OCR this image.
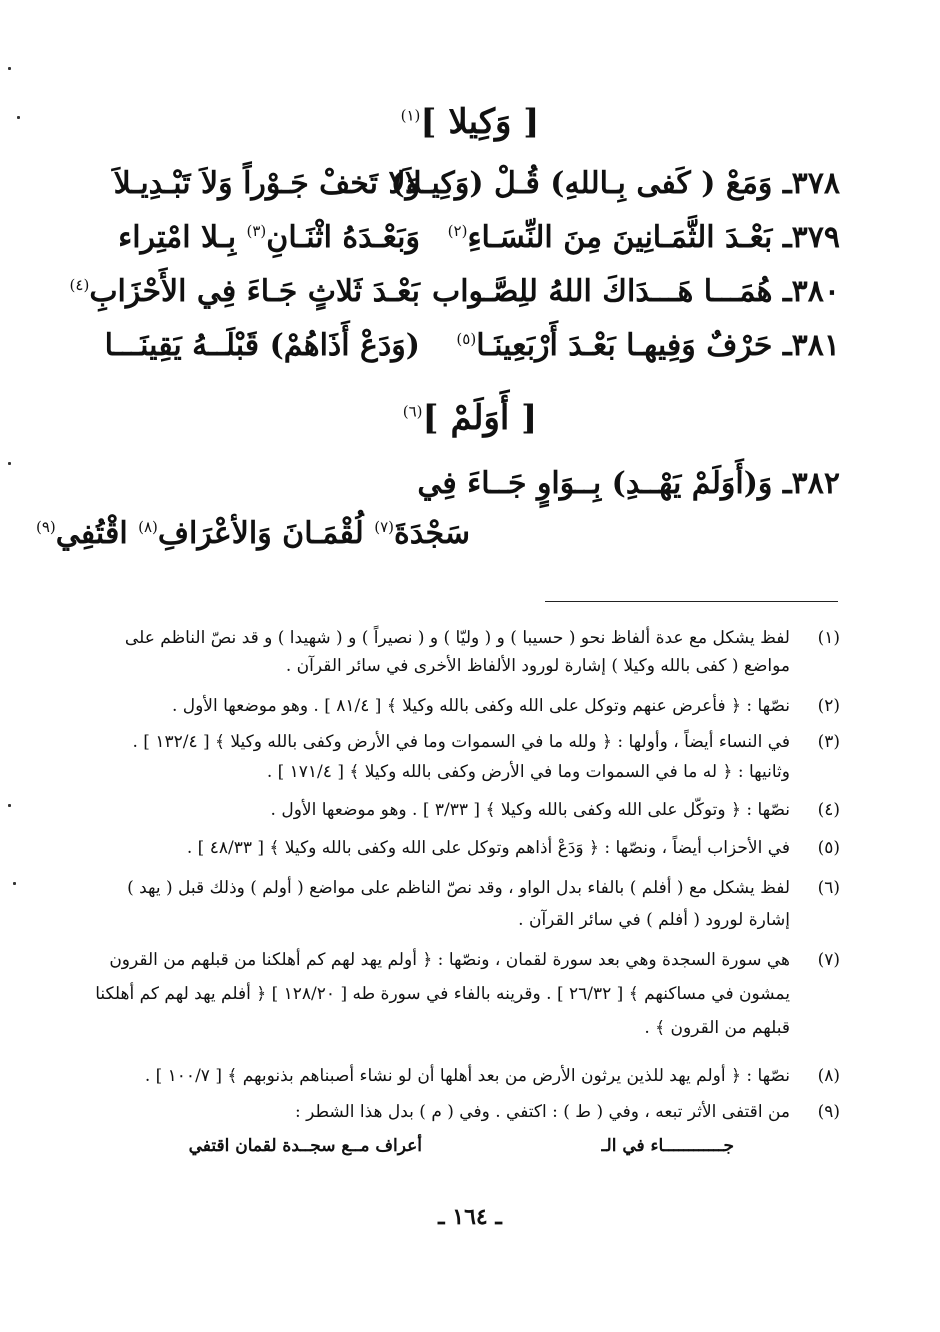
[ وَكِيلا ]$^{(١)}$
٣٧٨ـ وَمَعْ ( كَفى بِـاللهِ) قُـلْ (وَكِيـلاَ)
وَلا تَخفْ جَـوْراً وَلاَ تَبْـدِيـلاَ
٣٧٩ـ بَعْـدَ الثَّمَـانِينَ مِنَ النِّسَـاءِ$^{(٢)}$
وَبَعْـدَهُ اثْنَـانِ$^{(٣)}$ بِـلا امْتِراء
٣٨٠ـ هُمَـــا هَـــدَاكَ اللهُ للِصَّـواب
بَعْـدَ ثَلاثٍ جَـاءَ فِي الأَحْزَابِ$^{(٤)}$
٣٨١ـ حَرْفٌ وَفِيهـا بَعْـدَ أَرْبَعِينَـا$^{(٥)}$
(وَدَعْ أَذَاهُمْ) قَبْلَــهُ يَقِينَـــا
[ أَوَلَمْ ]$^{(٦)}$
٣٨٢ـ وَ(أَوَلَمْ يَهْــدِ) بِــوَاوٍ جَــاءَ فِي
سَجْدَةَ$^{(٧)}$ لُقْمَـانَ وَالأعْرَافِ$^{(٨)}$ اقْتُفِي$^{(٩)}$
(١)
لفظ يشكل مع عدة ألفاظ نحو ( حسيبا ) و ( وليّا ) و ( نصيراً ) و ( شهيدا ) و قد نصّ الناظم على
مواضع ( كفى بالله وكيلا ) إشارة لورود الألفاظ الأخرى في سائر القرآن .
(٢)
نصّها : ﴿ فأعرض عنهم وتوكل على الله وكفى بالله وكيلا ﴾ [ ٨١/٤ ] . وهو موضعها الأول .
(٣)
في النساء أيضاً ، وأولها : ﴿ ولله ما في السموات وما في الأرض وكفى بالله وكيلا ﴾ [ ١٣٢/٤ ] .
وثانيها : ﴿ له ما في السموات وما في الأرض وكفى بالله وكيلا ﴾ [ ١٧١/٤ ] .
(٤)
نصّها : ﴿ وتوكّل على الله وكفى بالله وكيلا ﴾ [ ٣/٣٣ ] . وهو موضعها الأول .
(٥)
في الأحزاب أيضاً ، ونصّها : ﴿ وَدَعْ أذاهم وتوكل على الله وكفى بالله وكيلا ﴾ [ ٤٨/٣٣ ] .
(٦)
لفظ يشكل مع ( أفلم ) بالفاء بدل الواو ، وقد نصّ الناظم على مواضع ( أولم ) وذلك قبل ( يهد )
إشارة لورود ( أفلم ) في سائر القرآن .
(٧)
هي سورة السجدة وهي بعد سورة لقمان ، ونصّها : ﴿ أولم يهد لهم كم أهلكنا من قبلهم من القرون
يمشون في مساكنهم ﴾ [ ٢٦/٣٢ ] . وقرينه بالفاء في سورة طه [ ١٢٨/٢٠ ] ﴿ أفلم يهد لهم كم أهلكنا
قبلهم من القرون ﴾ .
(٨)
نصّها : ﴿ أولم يهد للذين يرثون الأرض من بعد أهلها أن لو نشاء أصبناهم بذنوبهم ﴾ [ ١٠٠/٧ ] .
(٩)
من اقتفى الأثر تبعه ، وفي ( ط ) : اكتفي . وفي ( م ) بدل هذا الشطر :
جــــــــــــاء في الـ
أعراف مــع سجــدة لقمان اقتفي
ـ ١٦٤ ـ
